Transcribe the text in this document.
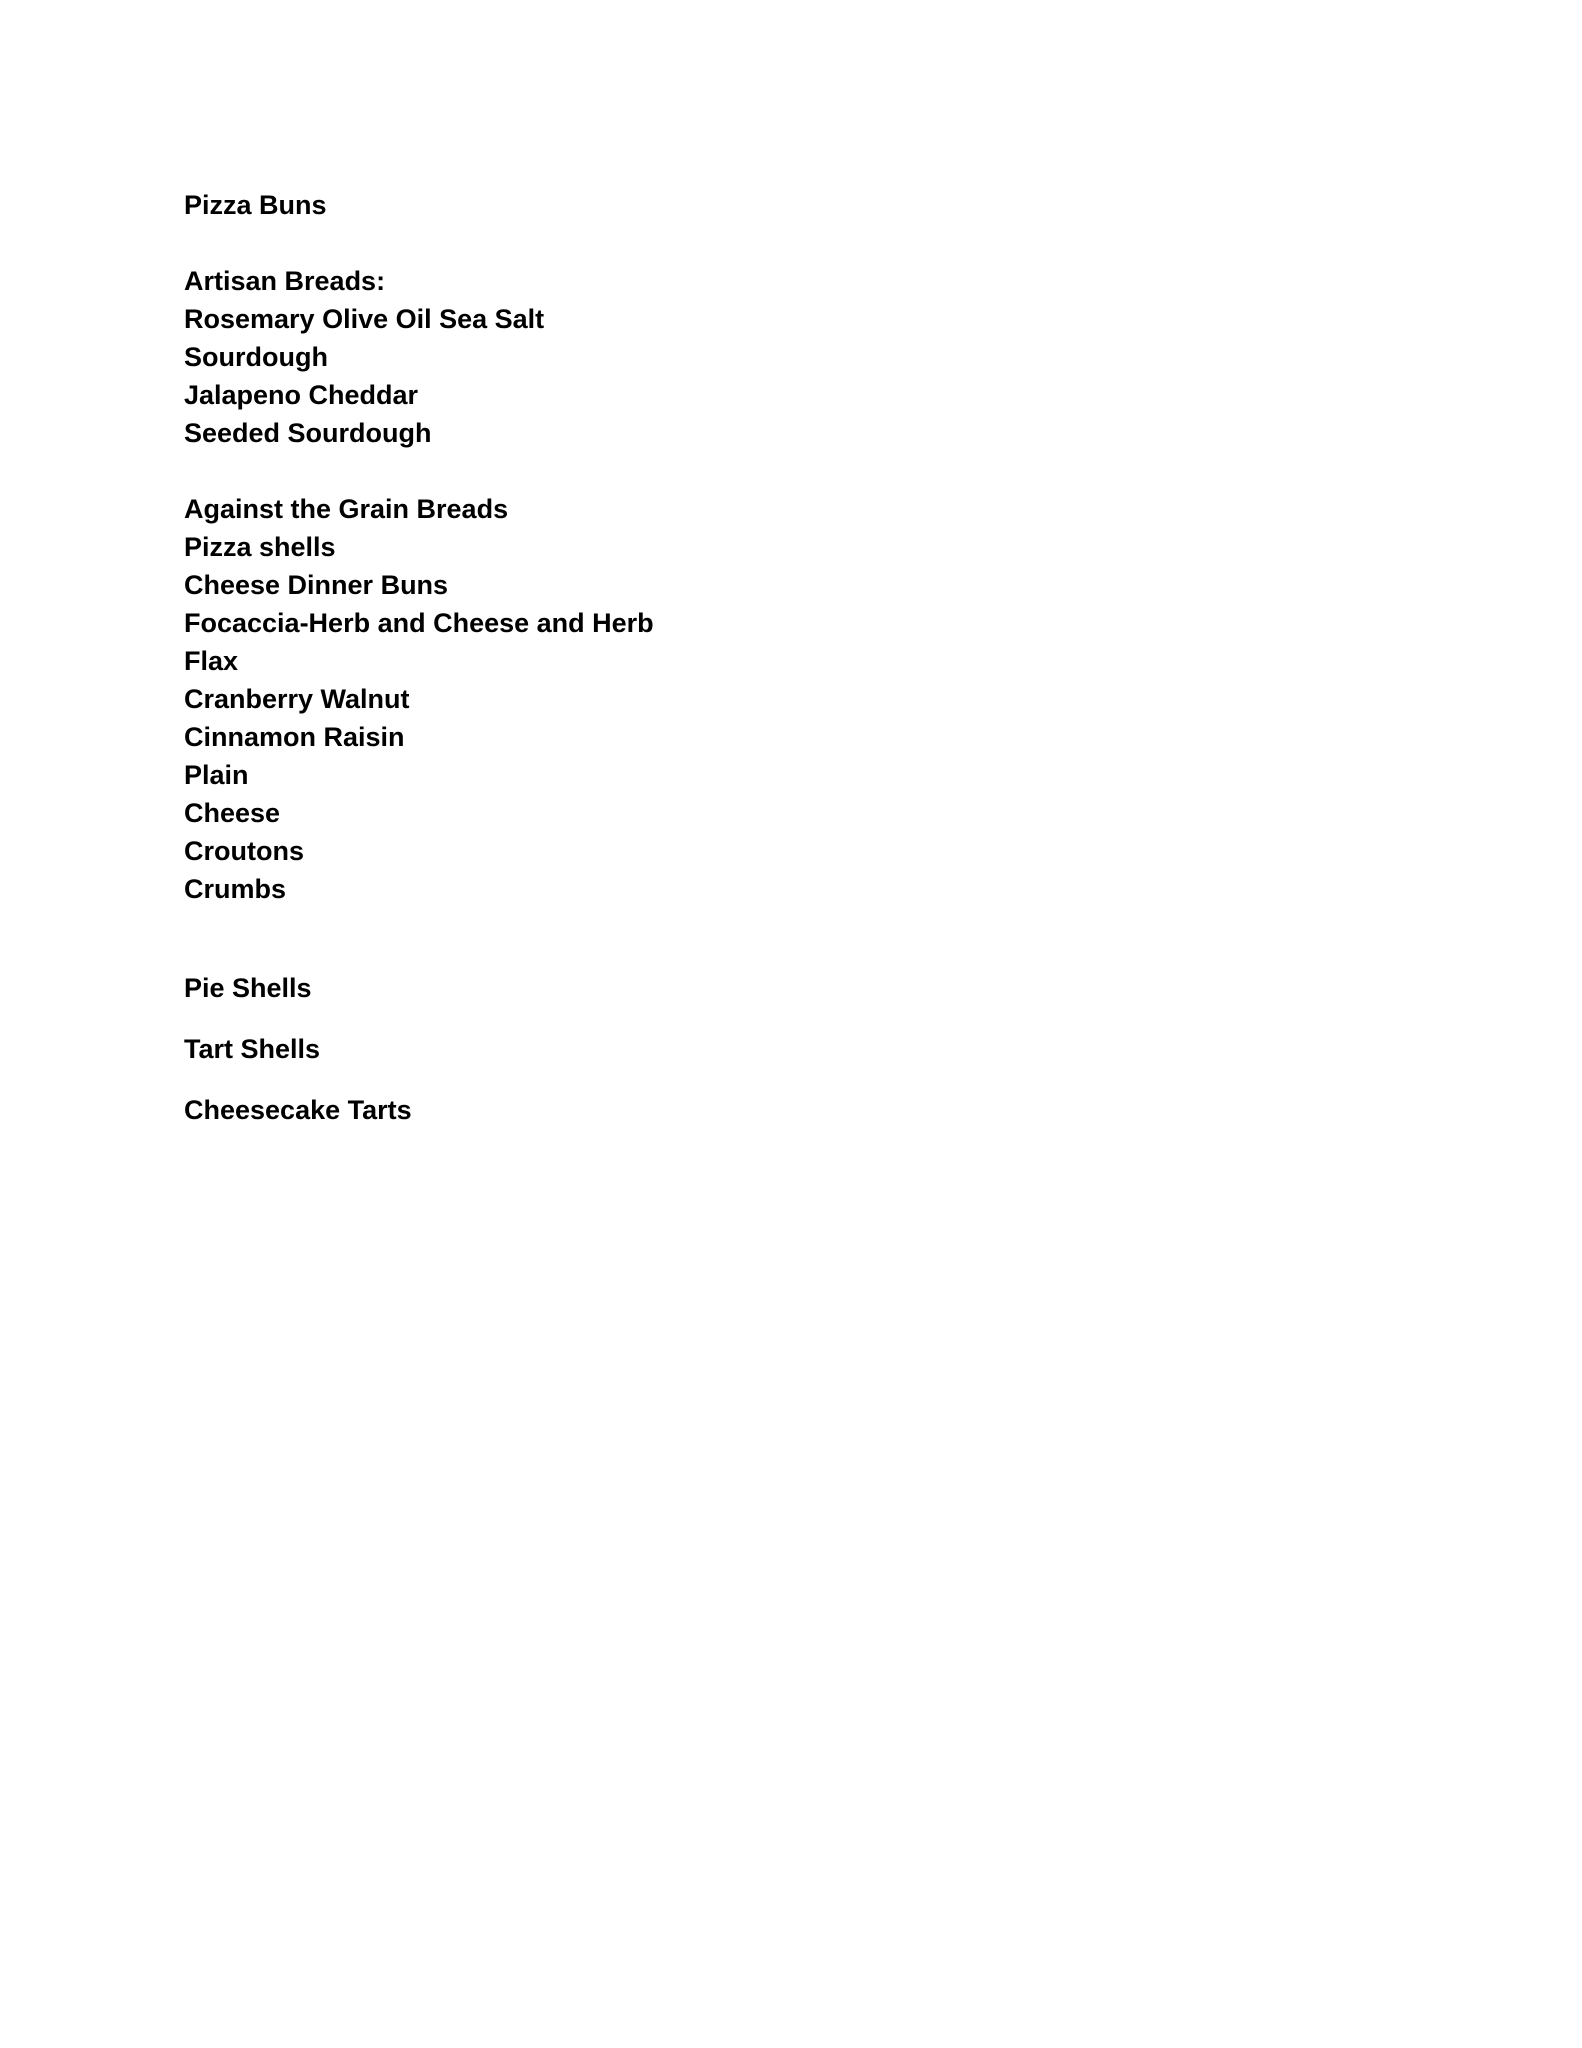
Pizza Buns
Artisan Breads:
Rosemary Olive Oil Sea Salt
Sourdough
Jalapeno Cheddar
Seeded Sourdough
Against the Grain Breads
Pizza shells
Cheese Dinner Buns
Focaccia-Herb and Cheese and Herb
Flax
Cranberry Walnut
Cinnamon Raisin
Plain
Cheese
Croutons
Crumbs
Pie Shells
Tart Shells
Cheesecake Tarts
